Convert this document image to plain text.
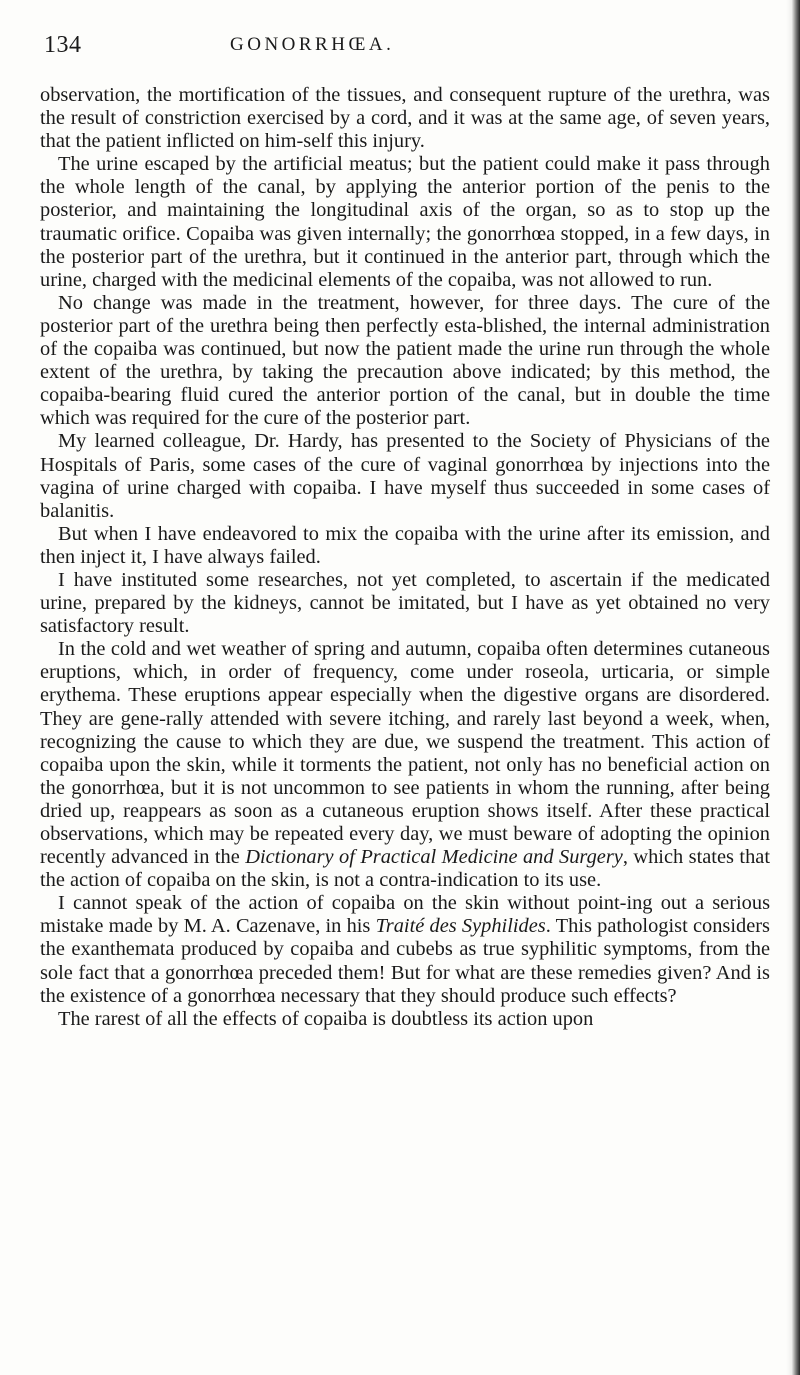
134	GONORRHŒA.

observation, the mortification of the tissues, and consequent rupture of the urethra, was the result of constriction exercised by a cord, and it was at the same age, of seven years, that the patient inflicted on him-self this injury.

The urine escaped by the artificial meatus; but the patient could make it pass through the whole length of the canal, by applying the anterior portion of the penis to the posterior, and maintaining the longitudinal axis of the organ, so as to stop up the traumatic orifice. Copaiba was given internally; the gonorrhœa stopped, in a few days, in the posterior part of the urethra, but it continued in the anterior part, through which the urine, charged with the medicinal elements of the copaiba, was not allowed to run.

No change was made in the treatment, however, for three days. The cure of the posterior part of the urethra being then perfectly esta-blished, the internal administration of the copaiba was continued, but now the patient made the urine run through the whole extent of the urethra, by taking the precaution above indicated; by this method, the copaiba-bearing fluid cured the anterior portion of the canal, but in double the time which was required for the cure of the posterior part.

My learned colleague, Dr. Hardy, has presented to the Society of Physicians of the Hospitals of Paris, some cases of the cure of vaginal gonorrhœa by injections into the vagina of urine charged with copaiba. I have myself thus succeeded in some cases of balanitis.

But when I have endeavored to mix the copaiba with the urine after its emission, and then inject it, I have always failed.

I have instituted some researches, not yet completed, to ascertain if the medicated urine, prepared by the kidneys, cannot be imitated, but I have as yet obtained no very satisfactory result.

In the cold and wet weather of spring and autumn, copaiba often determines cutaneous eruptions, which, in order of frequency, come under roseola, urticaria, or simple erythema. These eruptions appear especially when the digestive organs are disordered. They are gene-rally attended with severe itching, and rarely last beyond a week, when, recognizing the cause to which they are due, we suspend the treatment. This action of copaiba upon the skin, while it torments the patient, not only has no beneficial action on the gonorrhœa, but it is not uncommon to see patients in whom the running, after being dried up, reappears as soon as a cutaneous eruption shows itself. After these practical observations, which may be repeated every day, we must beware of adopting the opinion recently advanced in the Dictionary of Practical Medicine and Surgery, which states that the action of copaiba on the skin, is not a contra-indication to its use.

I cannot speak of the action of copaiba on the skin without point-ing out a serious mistake made by M. A. Cazenave, in his Traité des Syphilides. This pathologist considers the exanthemata produced by copaiba and cubebs as true syphilitic symptoms, from the sole fact that a gonorrhœa preceded them! But for what are these remedies given? And is the existence of a gonorrhœa necessary that they should produce such effects?

The rarest of all the effects of copaiba is doubtless its action upon
